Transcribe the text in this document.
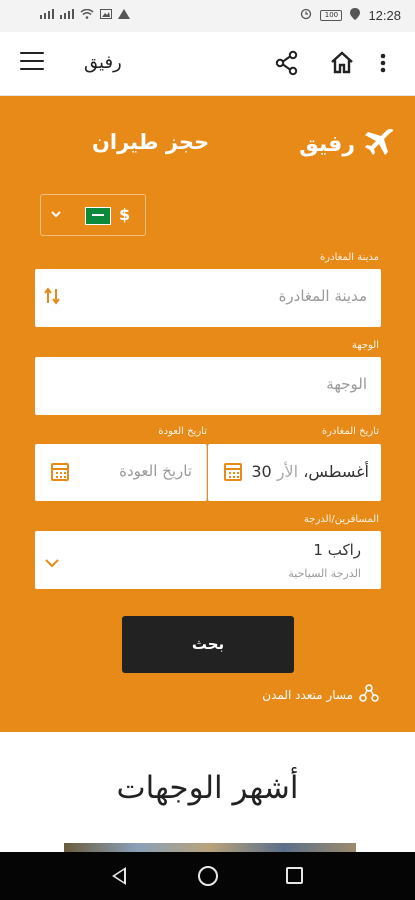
100	12:28
رفيق
رفيق
حجز طيران
$
مدينة المغادرة
مدينة المغادرة
الوجهة
الوجهة
تاريخ المغادرة
تاريخ العودة
30 أغسطس، الأر
تاريخ العودة
المسافرين/الدرجة
1 راكب
الدرجة السياحية
بحث
مسار متعدد المدن
أشهر الوجهات
